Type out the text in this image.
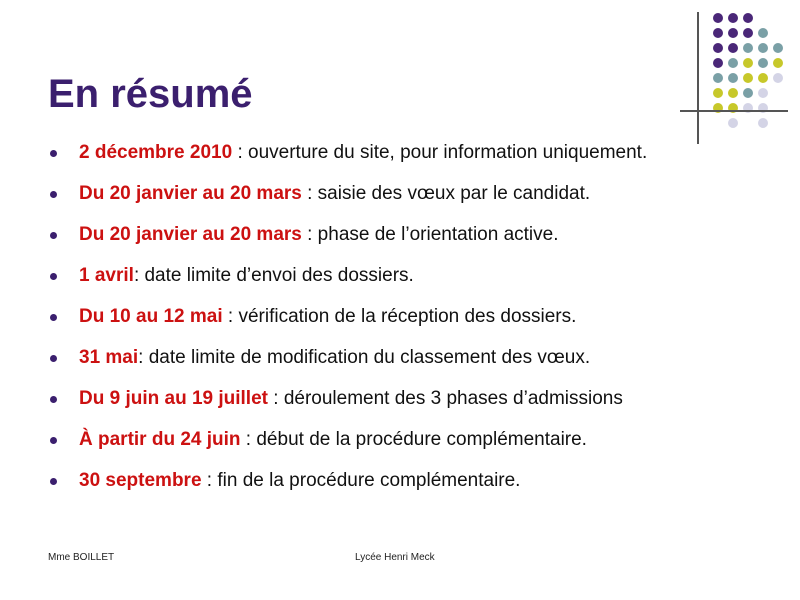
En résumé
2 décembre 2010 : ouverture du site, pour information uniquement.
Du 20 janvier au 20 mars : saisie des vœux par le candidat.
Du 20 janvier au 20 mars : phase de l’orientation active.
1 avril: date limite d’envoi des dossiers.
Du 10 au 12 mai : vérification de la réception des dossiers.
31 mai: date limite de modification du classement des vœux.
Du 9 juin au 19 juillet : déroulement des 3 phases d’admissions
À partir du 24 juin : début de la procédure complémentaire.
30 septembre : fin de la procédure complémentaire.
Mme BOILLET	Lycée Henri Meck
